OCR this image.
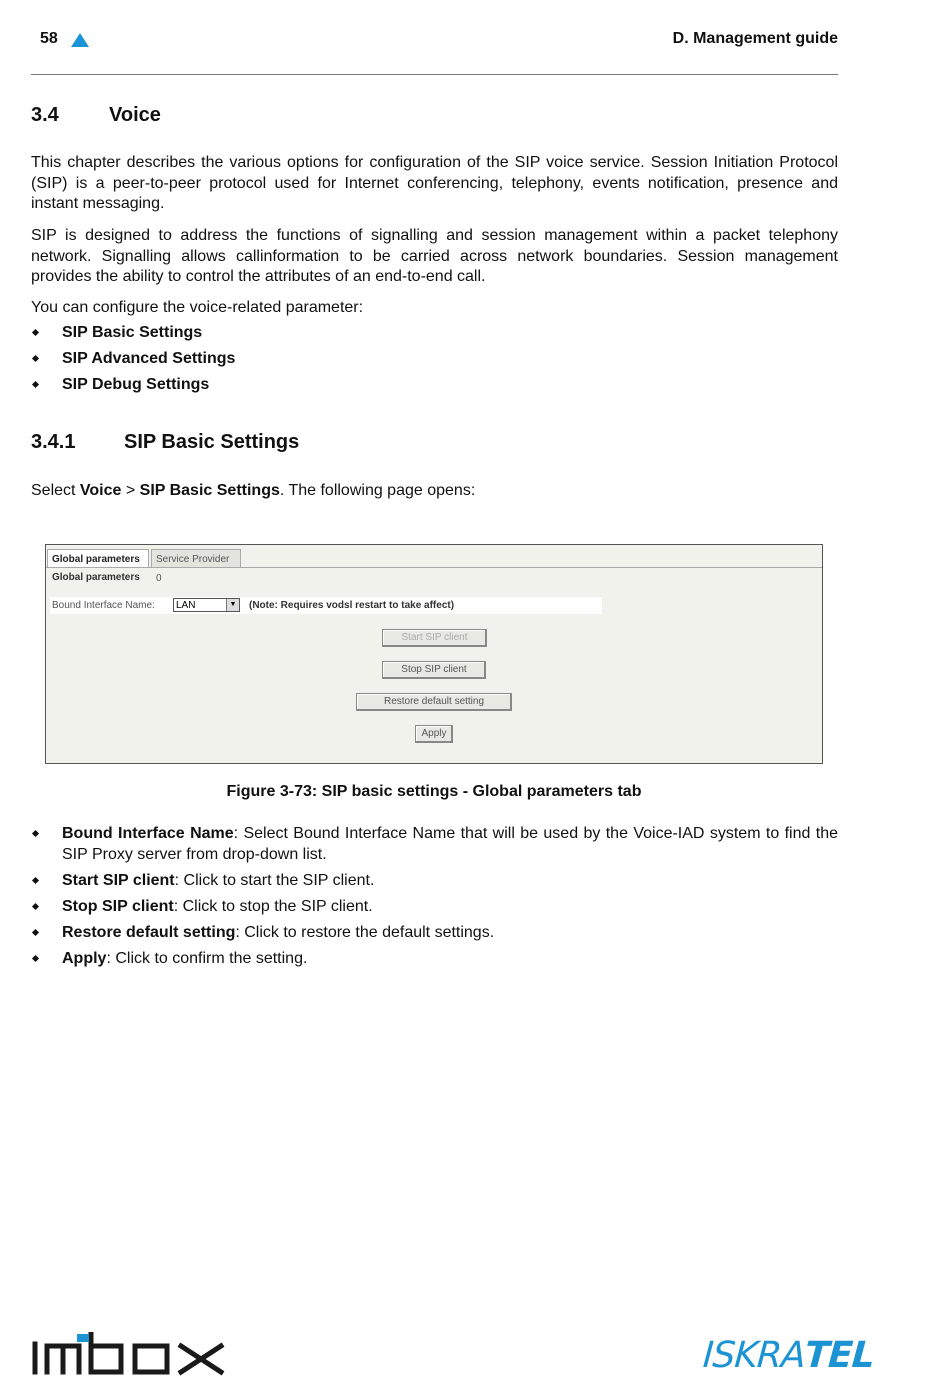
58	D. Management guide
3.4	Voice
This chapter describes the various options for configuration of the SIP voice service. Session Initiation Protocol (SIP) is a peer-to-peer protocol used for Internet conferencing, telephony, events notification, presence and instant messaging.
SIP is designed to address the functions of signalling and session management within a packet telephony network. Signalling allows callinformation to be carried across network boundaries. Session management provides the ability to control the attributes of an end-to-end call.
You can configure the voice-related parameter:
SIP Basic Settings
SIP Advanced Settings
SIP Debug Settings
3.4.1 SIP Basic Settings
Select Voice > SIP Basic Settings. The following page opens:
Global parameters	Service Provider 0
Global parameters
Bound Interface Name:	LAN	▼ (Note: Requires vodsl restart to take affect)
Start SIP client
Stop SIP client
Restore default setting
Apply
Figure 3-73: SIP basic settings - Global parameters tab
Bound Interface Name: Select Bound Interface Name that will be used by the Voice-IAD system to find the SIP Proxy server from drop-down list.
Start SIP client: Click to start the SIP client.
Stop SIP client: Click to stop the SIP client.
Restore default setting: Click to restore the default settings.
Apply: Click to confirm the setting.
ISKRATEL
